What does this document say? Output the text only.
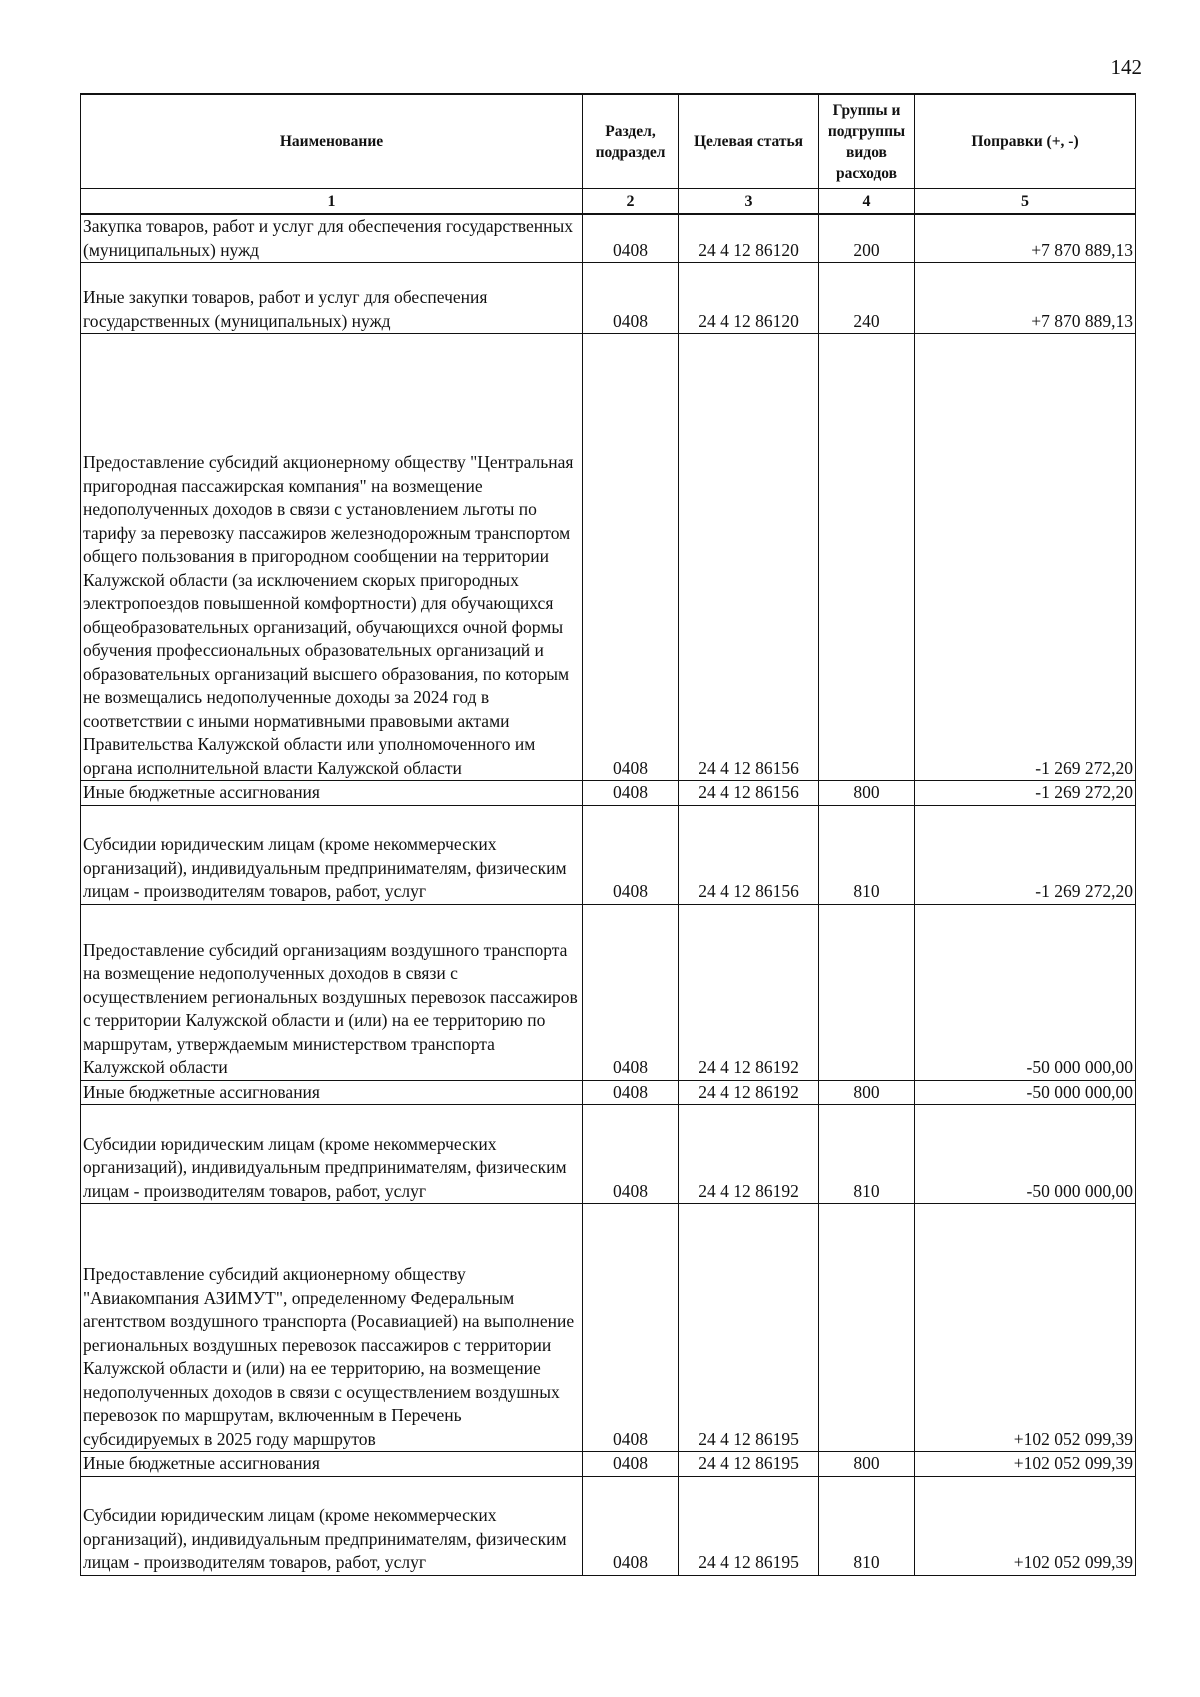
142
Наименование	Раздел, подраздел	Целевая статья	Группы и подгруппы видов расходов	Поправки (+, -)
1	2	3	4	5
Закупка товаров, работ и услуг для обеспечения государственных (муниципальных) нужд	0408	24 4 12 86120	200	+7 870 889,13
Иные закупки товаров, работ и услуг для обеспечения государственных (муниципальных) нужд	0408	24 4 12 86120	240	+7 870 889,13
Предоставление субсидий акционерному обществу "Центральная пригородная пассажирская компания" на возмещение недополученных доходов в связи с установлением льготы по тарифу за перевозку пассажиров железнодорожным транспортом общего пользования в пригородном сообщении на территории Калужской области (за исключением скорых пригородных электропоездов повышенной комфортности) для обучающихся общеобразовательных организаций, обучающихся очной формы обучения профессиональных образовательных организаций и образовательных организаций высшего образования, по которым не возмещались недополученные доходы за 2024 год в соответствии с иными нормативными правовыми актами Правительства Калужской области или уполномоченного им органа исполнительной власти Калужской области	0408	24 4 12 86156		-1 269 272,20
Иные бюджетные ассигнования	0408	24 4 12 86156	800	-1 269 272,20
Субсидии юридическим лицам (кроме некоммерческих организаций), индивидуальным предпринимателям, физическим лицам - производителям товаров, работ, услуг	0408	24 4 12 86156	810	-1 269 272,20
Предоставление субсидий организациям воздушного транспорта на возмещение недополученных доходов в связи с осуществлением региональных воздушных перевозок пассажиров с территории Калужской области и (или) на ее территорию по маршрутам, утверждаемым министерством транспорта Калужской области	0408	24 4 12 86192		-50 000 000,00
Иные бюджетные ассигнования	0408	24 4 12 86192	800	-50 000 000,00
Субсидии юридическим лицам (кроме некоммерческих организаций), индивидуальным предпринимателям, физическим лицам - производителям товаров, работ, услуг	0408	24 4 12 86192	810	-50 000 000,00
Предоставление субсидий акционерному обществу "Авиакомпания АЗИМУТ", определенному Федеральным агентством воздушного транспорта (Росавиацией) на выполнение региональных воздушных перевозок пассажиров с территории Калужской области и (или) на ее территорию, на возмещение недополученных доходов в связи с осуществлением воздушных перевозок по маршрутам, включенным в Перечень субсидируемых в 2025 году маршрутов	0408	24 4 12 86195		+102 052 099,39
Иные бюджетные ассигнования	0408	24 4 12 86195	800	+102 052 099,39
Субсидии юридическим лицам (кроме некоммерческих организаций), индивидуальным предпринимателям, физическим лицам - производителям товаров, работ, услуг	0408	24 4 12 86195	810	+102 052 099,39
